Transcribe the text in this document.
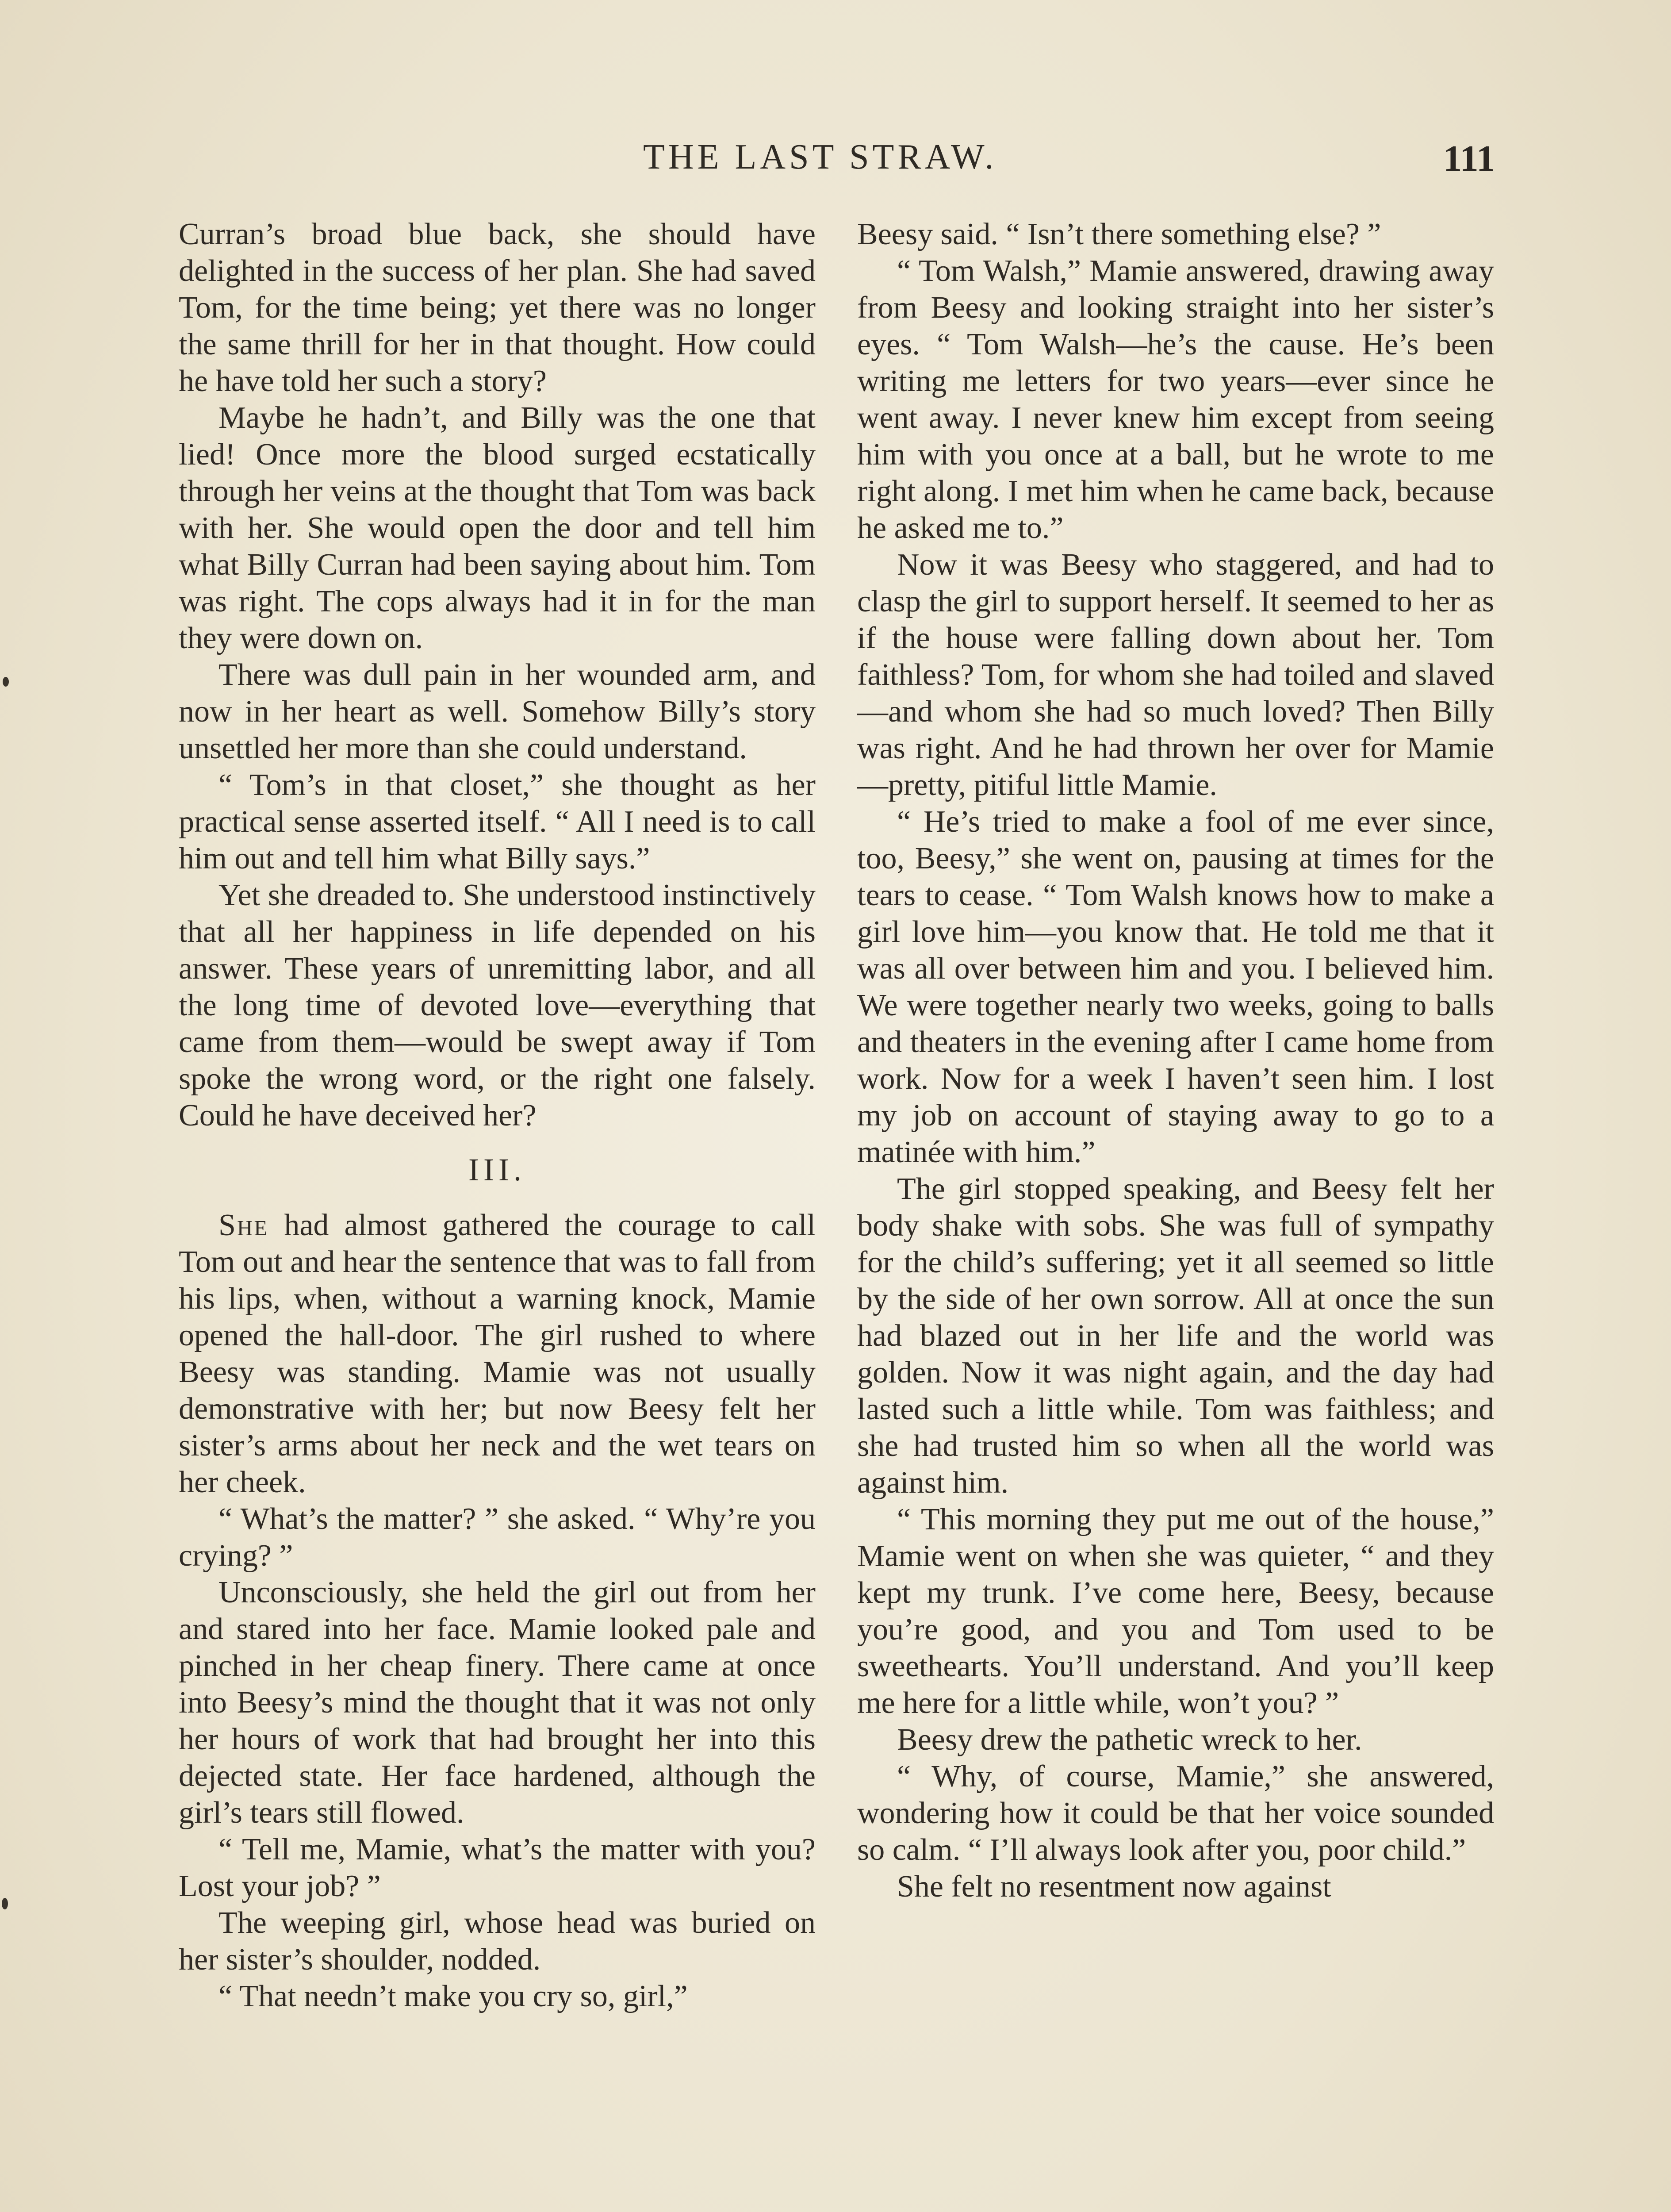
THE LAST STRAW.	111

Curran’s broad blue back, she should have delighted in the success of her plan. She had saved Tom, for the time being; yet there was no longer the same thrill for her in that thought. How could he have told her such a story?

Maybe he hadn’t, and Billy was the one that lied! Once more the blood surged ecstatically through her veins at the thought that Tom was back with her. She would open the door and tell him what Billy Curran had been saying about him. Tom was right. The cops always had it in for the man they were down on.

There was dull pain in her wounded arm, and now in her heart as well. Somehow Billy’s story unsettled her more than she could understand.

“ Tom’s in that closet,” she thought as her practical sense asserted itself. “ All I need is to call him out and tell him what Billy says.”

Yet she dreaded to. She understood instinctively that all her happiness in life depended on his answer. These years of unremitting labor, and all the long time of devoted love—everything that came from them—would be swept away if Tom spoke the wrong word, or the right one falsely. Could he have deceived her?

III.

She had almost gathered the courage to call Tom out and hear the sentence that was to fall from his lips, when, without a warning knock, Mamie opened the hall-door. The girl rushed to where Beesy was standing. Mamie was not usually demonstrative with her; but now Beesy felt her sister’s arms about her neck and the wet tears on her cheek.

“ What’s the matter? ” she asked. “ Why’re you crying? ”

Unconsciously, she held the girl out from her and stared into her face. Mamie looked pale and pinched in her cheap finery. There came at once into Beesy’s mind the thought that it was not only her hours of work that had brought her into this dejected state. Her face hardened, although the girl’s tears still flowed.

“ Tell me, Mamie, what’s the matter with you? Lost your job? ”

The weeping girl, whose head was buried on her sister’s shoulder, nodded.

“ That needn’t make you cry so, girl,”

Beesy said. “ Isn’t there something else? ”

“ Tom Walsh,” Mamie answered, drawing away from Beesy and looking straight into her sister’s eyes. “ Tom Walsh—he’s the cause. He’s been writing me letters for two years—ever since he went away. I never knew him except from seeing him with you once at a ball, but he wrote to me right along. I met him when he came back, because he asked me to.”

Now it was Beesy who staggered, and had to clasp the girl to support herself. It seemed to her as if the house were falling down about her. Tom faithless? Tom, for whom she had toiled and slaved—and whom she had so much loved? Then Billy was right. And he had thrown her over for Mamie—pretty, pitiful little Mamie.

“ He’s tried to make a fool of me ever since, too, Beesy,” she went on, pausing at times for the tears to cease. “ Tom Walsh knows how to make a girl love him—you know that. He told me that it was all over between him and you. I believed him. We were together nearly two weeks, going to balls and theaters in the evening after I came home from work. Now for a week I haven’t seen him. I lost my job on account of staying away to go to a matinée with him.”

The girl stopped speaking, and Beesy felt her body shake with sobs. She was full of sympathy for the child’s suffering; yet it all seemed so little by the side of her own sorrow. All at once the sun had blazed out in her life and the world was golden. Now it was night again, and the day had lasted such a little while. Tom was faithless; and she had trusted him so when all the world was against him.

“ This morning they put me out of the house,” Mamie went on when she was quieter, “ and they kept my trunk. I’ve come here, Beesy, because you’re good, and you and Tom used to be sweethearts. You’ll understand. And you’ll keep me here for a little while, won’t you? ”

Beesy drew the pathetic wreck to her.

“ Why, of course, Mamie,” she answered, wondering how it could be that her voice sounded so calm. “ I’ll always look after you, poor child.”

She felt no resentment now against
